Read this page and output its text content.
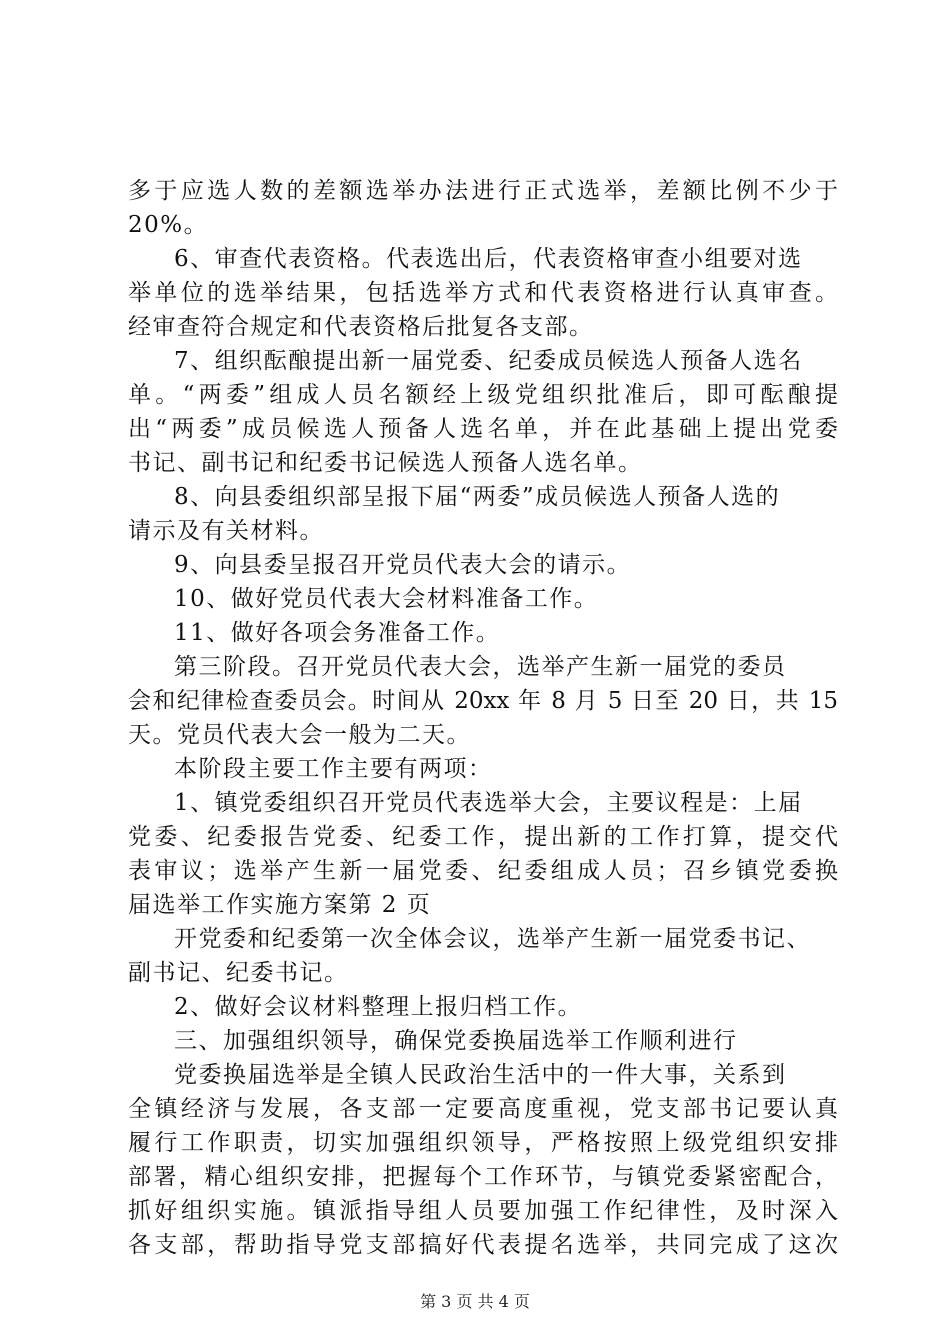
多于应选人数的差额选举办法进行正式选举，差额比例不少于
20%。
6、审查代表资格。代表选出后，代表资格审查小组要对选
举单位的选举结果，包括选举方式和代表资格进行认真审查。
经审查符合规定和代表资格后批复各支部。
7、组织酝酿提出新一届党委、纪委成员候选人预备人选名
单。“两委”组成人员名额经上级党组织批准后，即可酝酿提
出“两委”成员候选人预备人选名单，并在此基础上提出党委
书记、副书记和纪委书记候选人预备人选名单。
8、向县委组织部呈报下届“两委”成员候选人预备人选的
请示及有关材料。
9、向县委呈报召开党员代表大会的请示。
10、做好党员代表大会材料准备工作。
11、做好各项会务准备工作。
第三阶段。召开党员代表大会，选举产生新一届党的委员
会和纪律检查委员会。时间从 20xx 年 8 月 5 日至 20 日，共 15
天。党员代表大会一般为二天。
本阶段主要工作主要有两项：
1、镇党委组织召开党员代表选举大会，主要议程是：上届
党委、纪委报告党委、纪委工作，提出新的工作打算，提交代
表审议；选举产生新一届党委、纪委组成人员；召乡镇党委换
届选举工作实施方案第 2 页
开党委和纪委第一次全体会议，选举产生新一届党委书记、
副书记、纪委书记。
2、做好会议材料整理上报归档工作。
三、加强组织领导，确保党委换届选举工作顺利进行
党委换届选举是全镇人民政治生活中的一件大事，关系到
全镇经济与发展，各支部一定要高度重视，党支部书记要认真
履行工作职责，切实加强组织领导，严格按照上级党组织安排
部署，精心组织安排，把握每个工作环节，与镇党委紧密配合，
抓好组织实施。镇派指导组人员要加强工作纪律性，及时深入
各支部，帮助指导党支部搞好代表提名选举，共同完成了这次
第 3 页 共 4 页
